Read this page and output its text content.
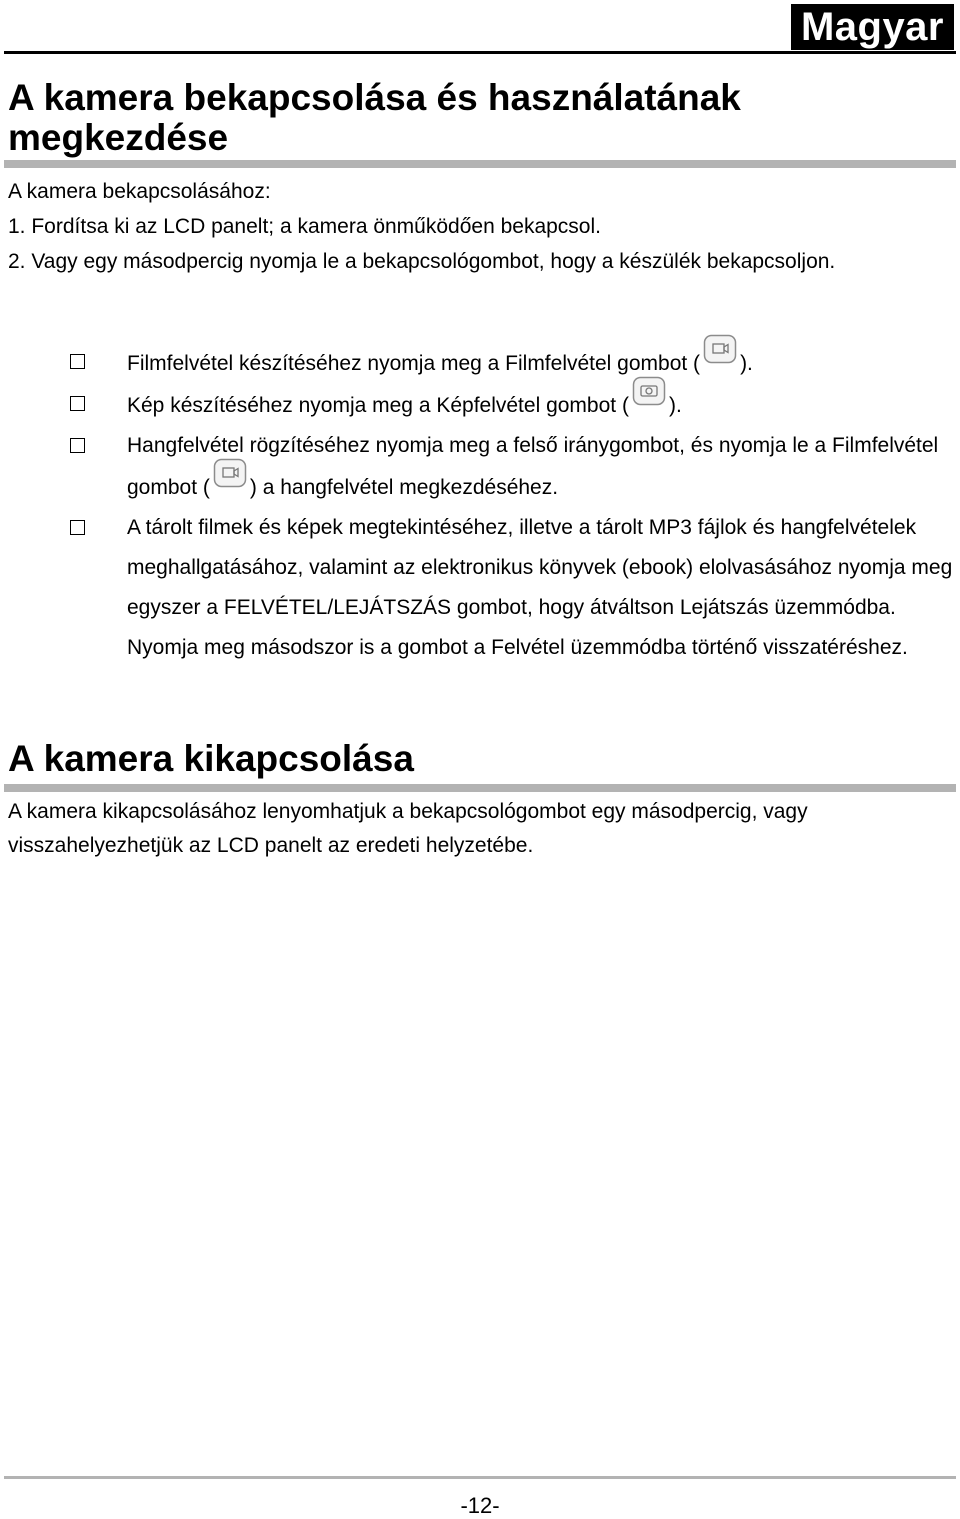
Magyar
A kamera bekapcsolása és használatának megkezdése
A kamera bekapcsolásához:
1. Fordítsa ki az LCD panelt; a kamera önműködően bekapcsol.
2. Vagy egy másodpercig nyomja le a bekapcsológombot, hogy a készülék bekapcsoljon.
Filmfelvétel készítéséhez nyomja meg a Filmfelvétel gombot ( ).
Kép készítéséhez nyomja meg a Képfelvétel gombot ( ).
Hangfelvétel rögzítéséhez nyomja meg a felső iránygombot, és nyomja le a Filmfelvétel gombot ( ) a hangfelvétel megkezdéséhez.
A tárolt filmek és képek megtekintéséhez, illetve a tárolt MP3 fájlok és hangfelvételek meghallgatásához, valamint az elektronikus könyvek (ebook) elolvasásához nyomja meg egyszer a FELVÉTEL/LEJÁTSZÁS gombot, hogy átváltson Lejátszás üzemmódba. Nyomja meg másodszor is a gombot a Felvétel üzemmódba történő visszatéréshez.
A kamera kikapcsolása
A kamera kikapcsolásához lenyomhatjuk a bekapcsológombot egy másodpercig, vagy visszahelyezhetjük az LCD panelt az eredeti helyzetébe.
-12-
